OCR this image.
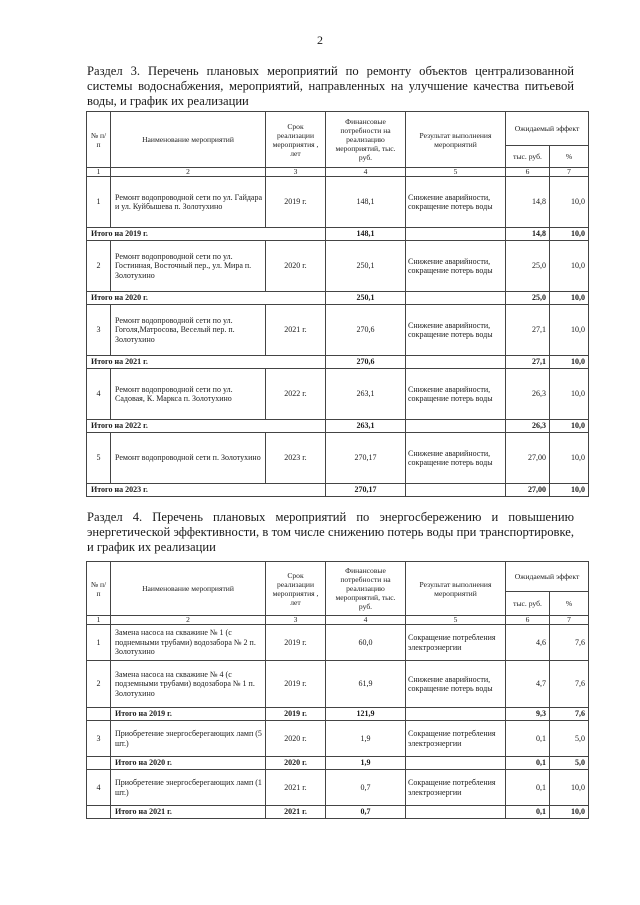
2
Раздел 3. Перечень плановых мероприятий по ремонту объектов централизованной системы водоснабжения, мероприятий, направленных на улучшение качества питьевой воды, и график их реализации
№ п/п	Наименование мероприятий	Срок реализации мероприятия , лет	Финансовые потребности на реализацию мероприятий, тыс. руб.	Результат выполнения мероприятий	Ожидаемый эффект	
					тыс. руб.	%
1	2	3	4	5	6	7
1	Ремонт водопроводной сети по ул. Гайдара и ул. Куйбышева п. Золотухино	2019 г.	148,1	Снижение аварийности, сокращение потерь воды	14,8	10,0
Итого на 2019 г.			148,1		14,8	10,0
2	Ремонт водопроводной сети по ул. Гостинная, Восточный пер., ул. Мира п. Золотухино	2020 г.	250,1	Снижение аварийности, сокращение потерь воды	25,0	10,0
Итого на 2020 г.			250,1		25,0	10,0
3	Ремонт водопроводной сети по ул. Гоголя,Матросова, Веселый пер. п. Золотухино	2021 г.	270,6	Снижение аварийности, сокращение потерь воды	27,1	10,0
Итого на 2021 г.			270,6		27,1	10,0
4	Ремонт водопроводной сети по ул. Садовая, К. Маркса п. Золотухино	2022 г.	263,1	Снижение аварийности, сокращение потерь воды	26,3	10,0
Итого на 2022 г.			263,1		26,3	10,0
5	Ремонт водопроводной сети п. Золотухино	2023 г.	270,17	Снижение аварийности, сокращение потерь воды	27,00	10,0
Итого на 2023 г.			270,17		27,00	10,0
Раздел 4. Перечень плановых мероприятий по энергосбережению и повышению энергетической эффективности, в том числе снижению потерь воды при транспортировке, и график их реализации
№ п/п	Наименование мероприятий	Срок реализации мероприятия , лет	Финансовые потребности на реализацию мероприятий, тыс. руб.	Результат выполнения мероприятий	Ожидаемый эффект	
					тыс. руб.	%
1	2	3	4	5	6	7
1	Замена насоса на скважине № 1 (с поднемными трубами) водозабора № 2 п. Золотухино	2019 г.	60,0	Сокращение потребления электроэнергии	4,6	7,6
2	Замена насоса на скважине № 4 (с подземными трубами) водозабора № 1 п. Золотухино	2019 г.	61,9	Снижение аварийности, сокращение потерь воды	4,7	7,6
	Итого на 2019 г.	2019 г.	121,9		9,3	7,6
3	Приобретение энергосберегающих ламп (5 шт.)	2020 г.	1,9	Сокращение потребления электроэнергии	0,1	5,0
	Итого на 2020 г.	2020 г.	1,9		0,1	5,0
4	Приобретение энергосберегающих ламп (1 шт.)	2021 г.	0,7	Сокращение потребления электроэнергии	0,1	10,0
	Итого на 2021 г.	2021 г.	0,7		0,1	10,0
